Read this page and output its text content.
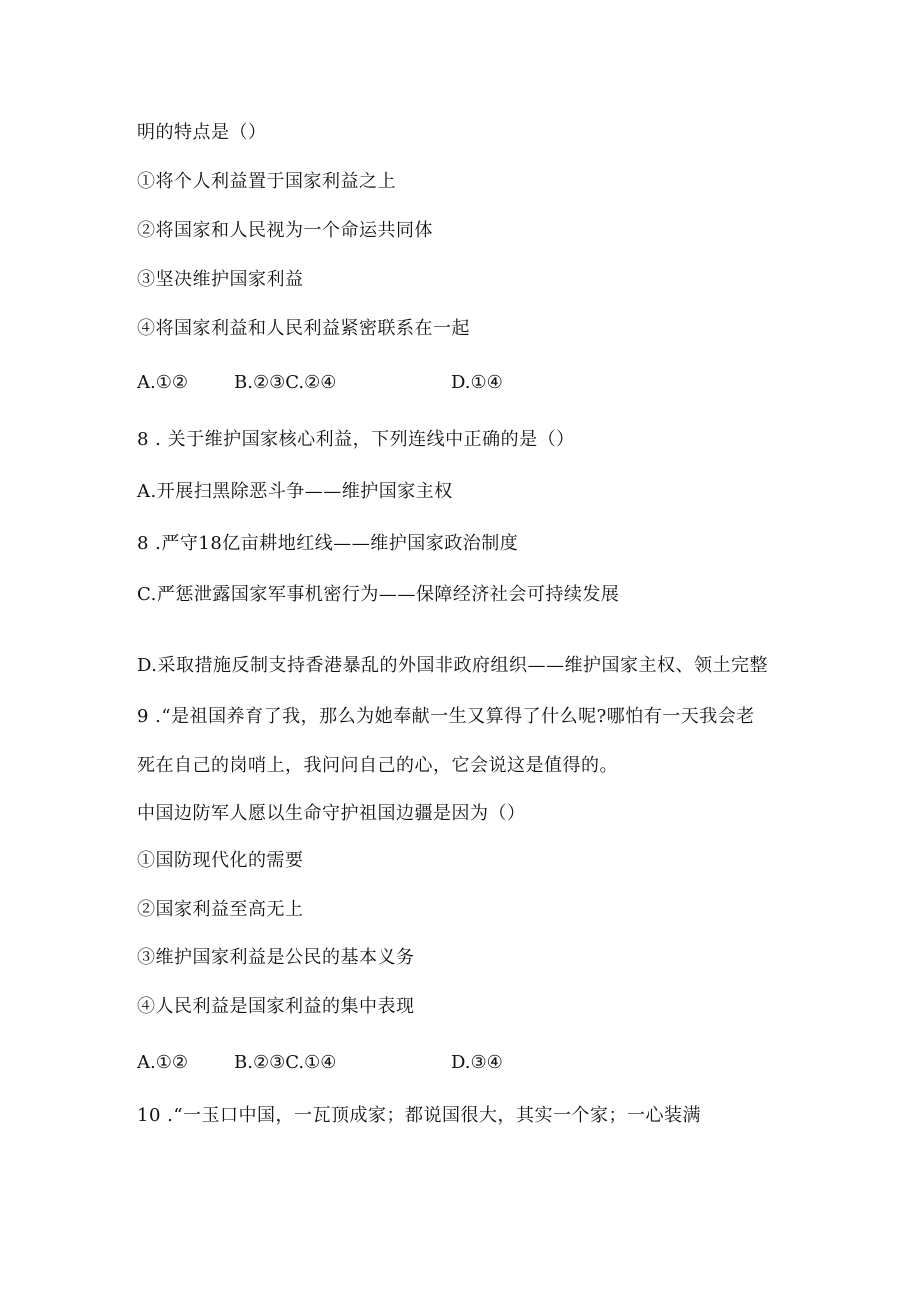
明的特点是（）
①将个人利益置于国家利益之上
②将国家和人民视为一个命运共同体
③坚决维护国家利益
④将国家利益和人民利益紧密联系在一起
A.①②	B.②③C.②④	D.①④
8 . 关于维护国家核心利益，下列连线中正确的是（）
A.开展扫黑除恶斗争——维护国家主权
8 .严守18亿亩耕地红线——维护国家政治制度
C.严惩泄露国家军事机密行为——保障经济社会可持续发展
D.采取措施反制支持香港暴乱的外国非政府组织——维护国家主权、领土完整
9 .“是祖国养育了我，那么为她奉献一生又算得了什么呢?哪怕有一天我会老
死在自己的岗哨上，我问问自己的心，它会说这是值得的。
中国边防军人愿以生命守护祖国边疆是因为（）
①国防现代化的需要
②国家利益至高无上
③维护国家利益是公民的基本义务
④人民利益是国家利益的集中表现
A.①②	B.②③C.①④	D.③④
10 .“一玉口中国，一瓦顶成家；都说国很大，其实一个家；一心装满
